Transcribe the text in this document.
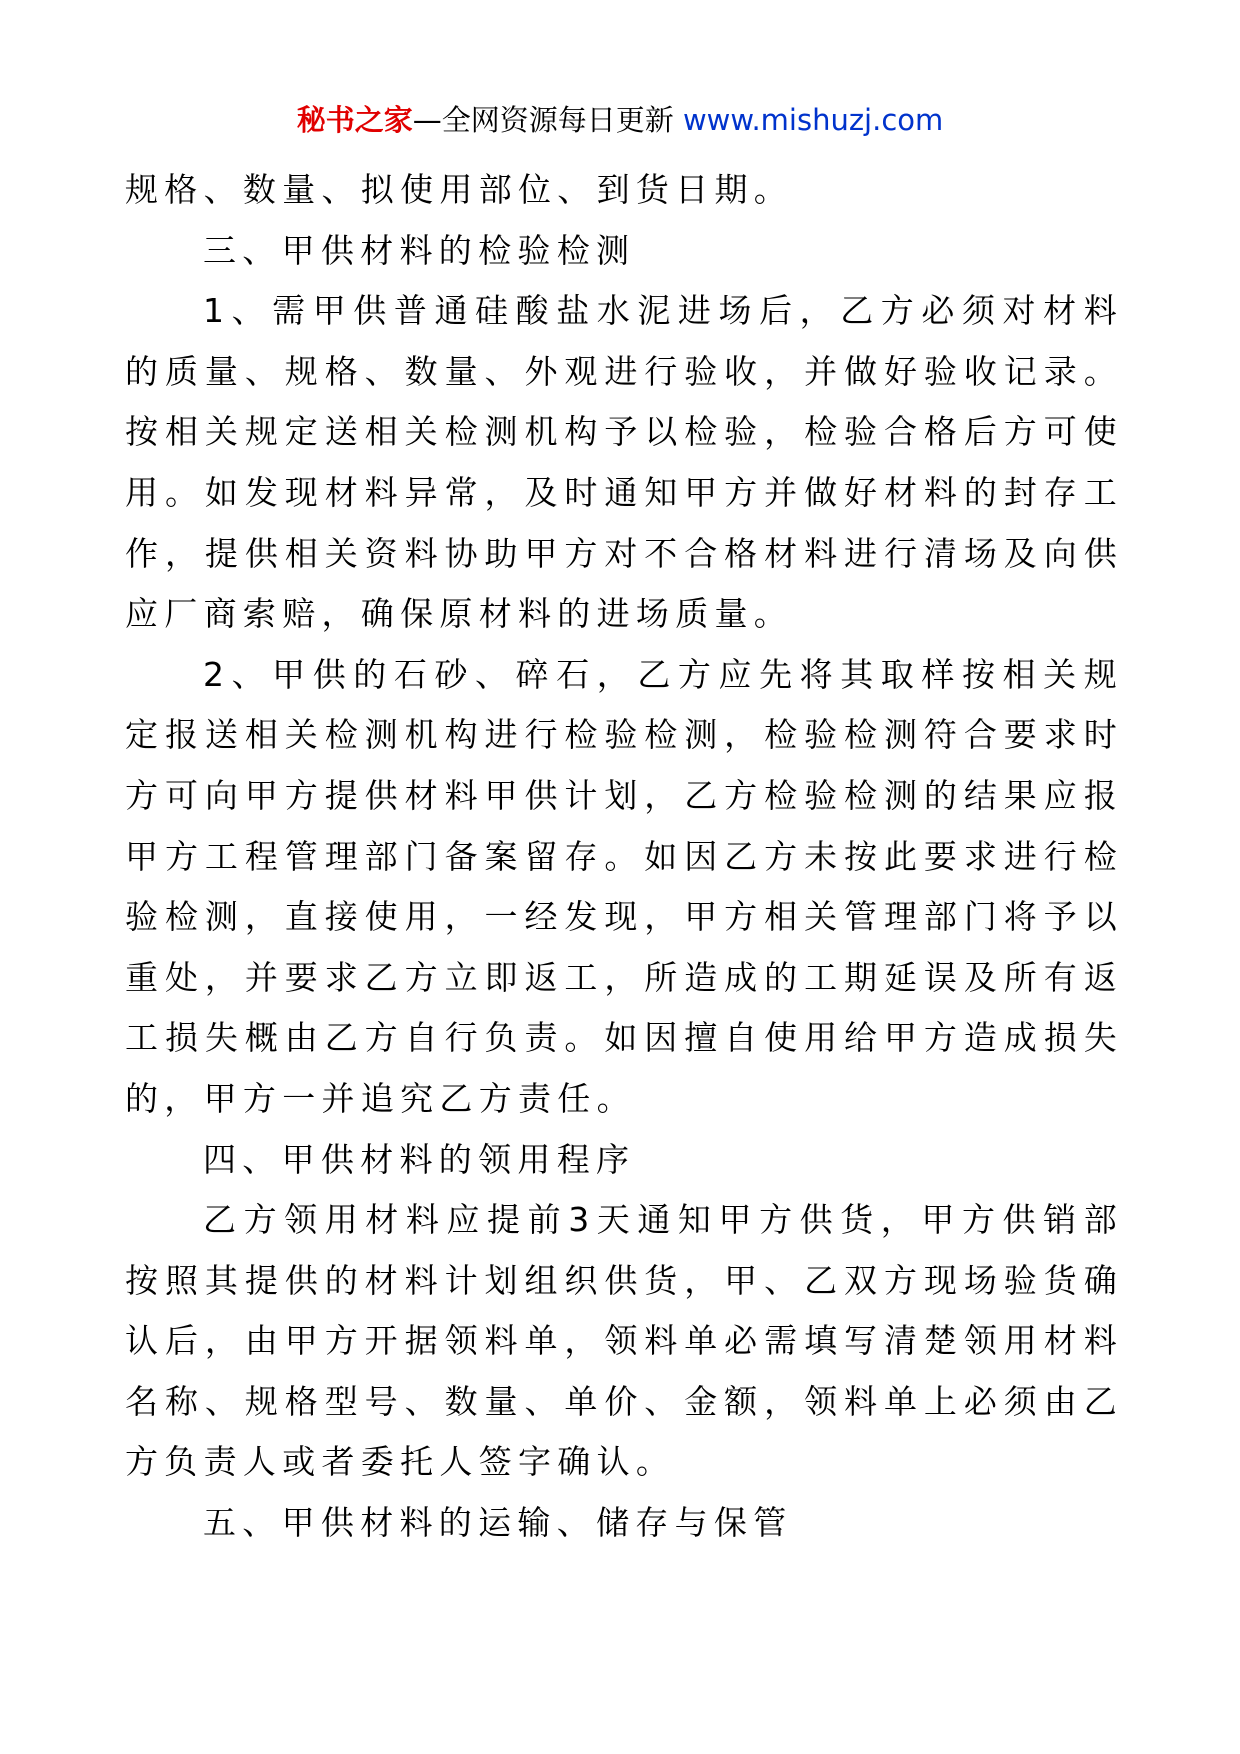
秘书之家—全网资源每日更新 www.mishuzj.com

规格、数量、拟使用部位、到货日期。

三、甲供材料的检验检测

1、需甲供普通硅酸盐水泥进场后，乙方必须对材料的质量、规格、数量、外观进行验收，并做好验收记录。按相关规定送相关检测机构予以检验，检验合格后方可使用。如发现材料异常，及时通知甲方并做好材料的封存工作，提供相关资料协助甲方对不合格材料进行清场及向供应厂商索赔，确保原材料的进场质量。

2、甲供的石砂、碎石，乙方应先将其取样按相关规定报送相关检测机构进行检验检测，检验检测符合要求时方可向甲方提供材料甲供计划，乙方检验检测的结果应报甲方工程管理部门备案留存。如因乙方未按此要求进行检验检测，直接使用，一经发现，甲方相关管理部门将予以重处，并要求乙方立即返工，所造成的工期延误及所有返工损失概由乙方自行负责。如因擅自使用给甲方造成损失的，甲方一并追究乙方责任。

四、甲供材料的领用程序

乙方领用材料应提前3天通知甲方供货，甲方供销部按照其提供的材料计划组织供货，甲、乙双方现场验货确认后，由甲方开据领料单，领料单必需填写清楚领用材料名称、规格型号、数量、单价、金额，领料单上必须由乙方负责人或者委托人签字确认。

五、甲供材料的运输、储存与保管
